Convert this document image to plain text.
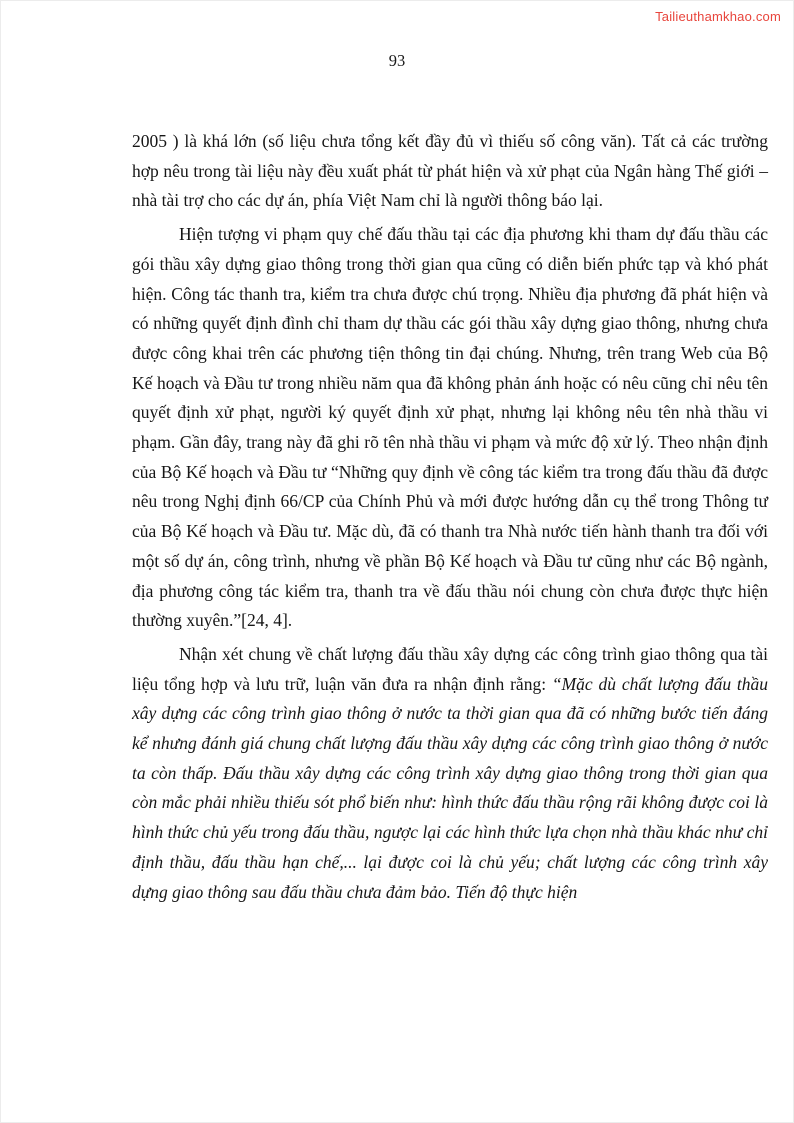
Tailieuthamkhao.com
93

2005 ) là khá lớn (số liệu chưa tổng kết đầy đủ vì thiếu số công văn). Tất cả các trường hợp nêu trong tài liệu này đều xuất phát từ phát hiện và xử phạt của Ngân hàng Thế giới – nhà tài trợ cho các dự án, phía Việt Nam chỉ là người thông báo lại.

Hiện tượng vi phạm quy chế đấu thầu tại các địa phương khi tham dự đấu thầu các gói thầu xây dựng giao thông trong thời gian qua cũng có diễn biến phức tạp và khó phát hiện. Công tác thanh tra, kiểm tra chưa được chú trọng. Nhiều địa phương đã phát hiện và có những quyết định đình chỉ tham dự thầu các gói thầu xây dựng giao thông, nhưng chưa được công khai trên các phương tiện thông tin đại chúng. Nhưng, trên trang Web của Bộ Kế hoạch và Đầu tư trong nhiều năm qua đã không phản ánh hoặc có nêu cũng chỉ nêu tên quyết định xử phạt, người ký quyết định xử phạt, nhưng lại không nêu tên nhà thầu vi phạm. Gần đây, trang này đã ghi rõ tên nhà thầu vi phạm và mức độ xử lý. Theo nhận định của Bộ Kế hoạch và Đầu tư “Những quy định về công tác kiểm tra trong đấu thầu đã được nêu trong Nghị định 66/CP của Chính Phủ và mới được hướng dẫn cụ thể trong Thông tư của Bộ Kế hoạch và Đầu tư. Mặc dù, đã có thanh tra Nhà nước tiến hành thanh tra đối với một số dự án, công trình, nhưng về phần Bộ Kế hoạch và Đầu tư cũng như các Bộ ngành, địa phương công tác kiểm tra, thanh tra về đấu thầu nói chung còn chưa được thực hiện thường xuyên.”[24, 4].

Nhận xét chung về chất lượng đấu thầu xây dựng các công trình giao thông qua tài liệu tổng hợp và lưu trữ, luận văn đưa ra nhận định rằng: “Mặc dù chất lượng đấu thầu xây dựng các công trình giao thông ở nước ta thời gian qua đã có những bước tiến đáng kể nhưng đánh giá chung chất lượng đấu thầu xây dựng các công trình giao thông ở nước ta còn thấp. Đấu thầu xây dựng các công trình xây dựng giao thông trong thời gian qua còn mắc phải nhiều thiếu sót phổ biến như: hình thức đấu thầu rộng rãi không được coi là hình thức chủ yếu trong đấu thầu, ngược lại các hình thức lựa chọn nhà thầu khác như chỉ định thầu, đấu thầu hạn chế,... lại được coi là chủ yếu; chất lượng các công trình xây dựng giao thông sau đấu thầu chưa đảm bảo. Tiến độ thực hiện
